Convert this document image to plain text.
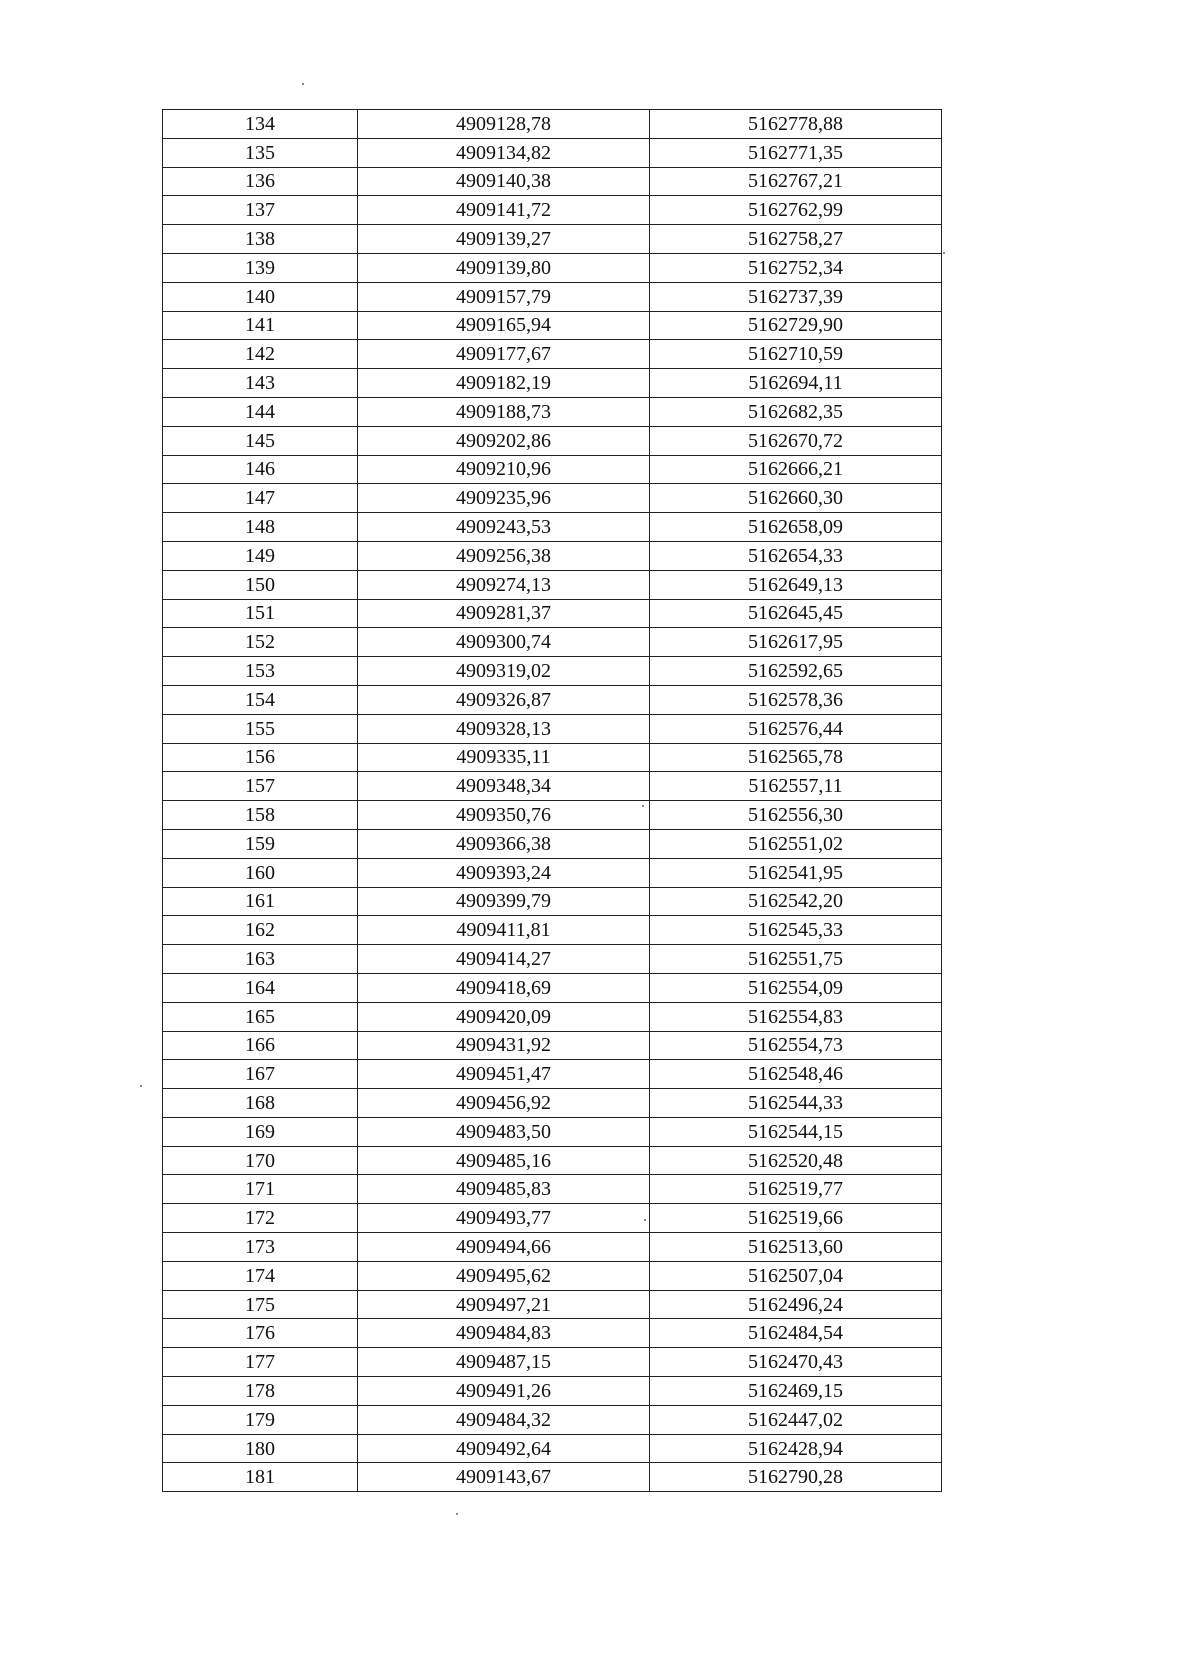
134	4909128,78	5162778,88
135	4909134,82	5162771,35
136	4909140,38	5162767,21
137	4909141,72	5162762,99
138	4909139,27	5162758,27
139	4909139,80	5162752,34
140	4909157,79	5162737,39
141	4909165,94	5162729,90
142	4909177,67	5162710,59
143	4909182,19	5162694,11
144	4909188,73	5162682,35
145	4909202,86	5162670,72
146	4909210,96	5162666,21
147	4909235,96	5162660,30
148	4909243,53	5162658,09
149	4909256,38	5162654,33
150	4909274,13	5162649,13
151	4909281,37	5162645,45
152	4909300,74	5162617,95
153	4909319,02	5162592,65
154	4909326,87	5162578,36
155	4909328,13	5162576,44
156	4909335,11	5162565,78
157	4909348,34	5162557,11
158	4909350,76	5162556,30
159	4909366,38	5162551,02
160	4909393,24	5162541,95
161	4909399,79	5162542,20
162	4909411,81	5162545,33
163	4909414,27	5162551,75
164	4909418,69	5162554,09
165	4909420,09	5162554,83
166	4909431,92	5162554,73
167	4909451,47	5162548,46
168	4909456,92	5162544,33
169	4909483,50	5162544,15
170	4909485,16	5162520,48
171	4909485,83	5162519,77
172	4909493,77	5162519,66
173	4909494,66	5162513,60
174	4909495,62	5162507,04
175	4909497,21	5162496,24
176	4909484,83	5162484,54
177	4909487,15	5162470,43
178	4909491,26	5162469,15
179	4909484,32	5162447,02
180	4909492,64	5162428,94
181	4909143,67	5162790,28
